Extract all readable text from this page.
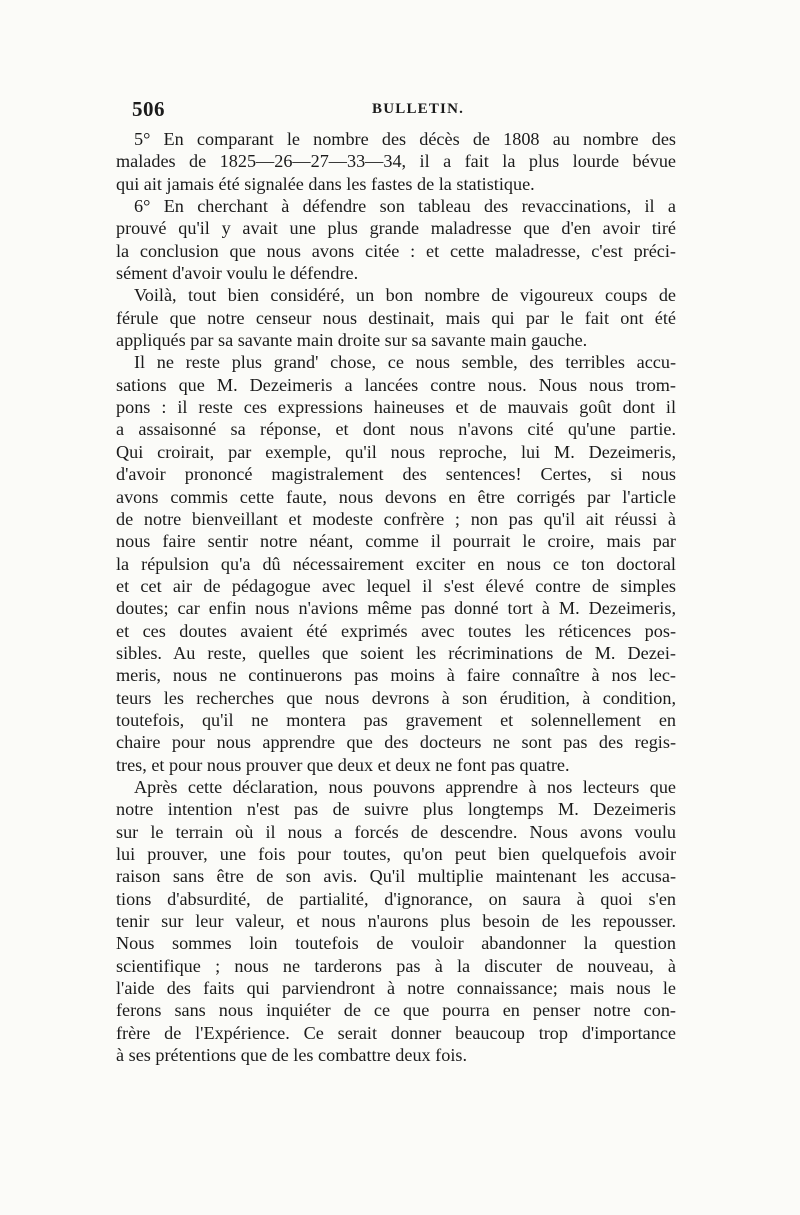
506	BULLETIN.
5° En comparant le nombre des décès de 1808 au nombre des
malades de 1825—26—27—33—34, il a fait la plus lourde bévue
qui ait jamais été signalée dans les fastes de la statistique.
6° En cherchant à défendre son tableau des revaccinations, il a
prouvé qu'il y avait une plus grande maladresse que d'en avoir tiré
la conclusion que nous avons citée : et cette maladresse, c'est préci-
sément d'avoir voulu le défendre.
Voilà, tout bien considéré, un bon nombre de vigoureux coups de
férule que notre censeur nous destinait, mais qui par le fait ont été
appliqués par sa savante main droite sur sa savante main gauche.
Il ne reste plus grand' chose, ce nous semble, des terribles accu-
sations que M. Dezeimeris a lancées contre nous. Nous nous trom-
pons : il reste ces expressions haineuses et de mauvais goût dont il
a assaisonné sa réponse, et dont nous n'avons cité qu'une partie.
Qui croirait, par exemple, qu'il nous reproche, lui M. Dezeimeris,
d'avoir prononcé magistralement des sentences! Certes, si nous
avons commis cette faute, nous devons en être corrigés par l'article
de notre bienveillant et modeste confrère ; non pas qu'il ait réussi à
nous faire sentir notre néant, comme il pourrait le croire, mais par
la répulsion qu'a dû nécessairement exciter en nous ce ton doctoral
et cet air de pédagogue avec lequel il s'est élevé contre de simples
doutes; car enfin nous n'avions même pas donné tort à M. Dezeimeris,
et ces doutes avaient été exprimés avec toutes les réticences pos-
sibles. Au reste, quelles que soient les récriminations de M. Dezei-
meris, nous ne continuerons pas moins à faire connaître à nos lec-
teurs les recherches que nous devrons à son érudition, à condition,
toutefois, qu'il ne montera pas gravement et solennellement en
chaire pour nous apprendre que des docteurs ne sont pas des regis-
tres, et pour nous prouver que deux et deux ne font pas quatre.
Après cette déclaration, nous pouvons apprendre à nos lecteurs que
notre intention n'est pas de suivre plus longtemps M. Dezeimeris
sur le terrain où il nous a forcés de descendre. Nous avons voulu
lui prouver, une fois pour toutes, qu'on peut bien quelquefois avoir
raison sans être de son avis. Qu'il multiplie maintenant les accusa-
tions d'absurdité, de partialité, d'ignorance, on saura à quoi s'en
tenir sur leur valeur, et nous n'aurons plus besoin de les repousser.
Nous sommes loin toutefois de vouloir abandonner la question
scientifique ; nous ne tarderons pas à la discuter de nouveau, à
l'aide des faits qui parviendront à notre connaissance; mais nous le
ferons sans nous inquiéter de ce que pourra en penser notre con-
frère de l'Expérience. Ce serait donner beaucoup trop d'importance
à ses prétentions que de les combattre deux fois.
